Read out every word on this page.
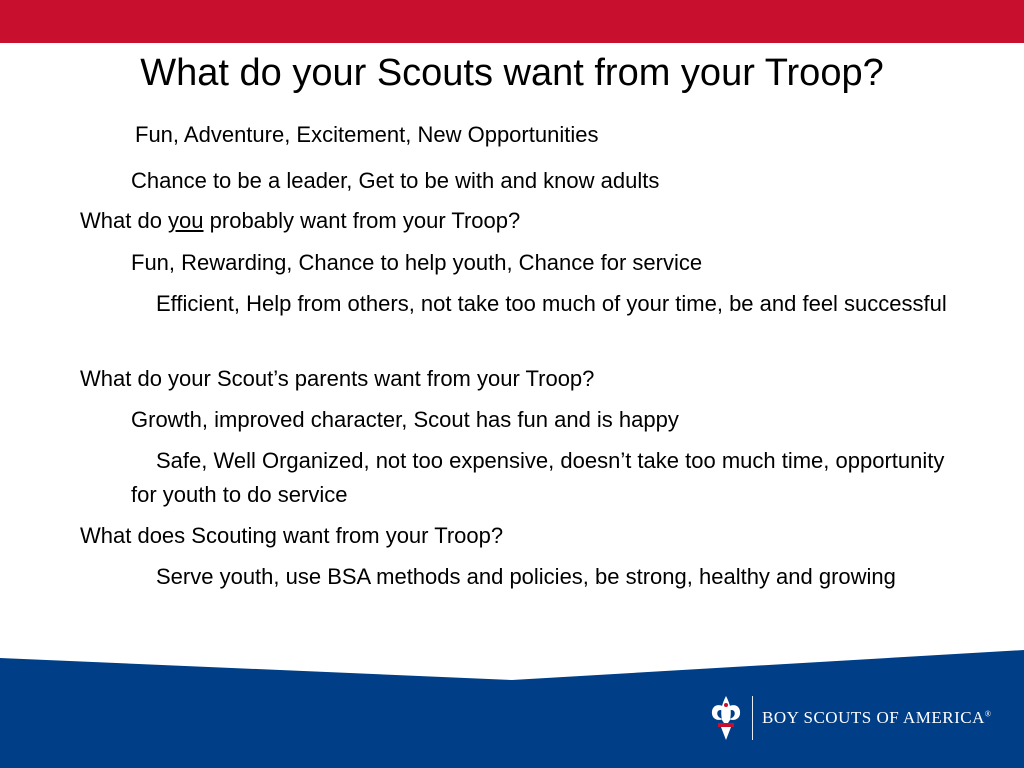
What do your Scouts want from your Troop?
Fun, Adventure, Excitement, New Opportunities
Chance to be a leader, Get to be with and know adults
What do you probably want from your Troop?
Fun, Rewarding, Chance to help youth, Chance for service
Efficient, Help from others, not take too much of your time, be and feel successful
What do your Scout’s parents want from your Troop?
Growth, improved character, Scout has fun and is happy
Safe, Well Organized, not too expensive, doesn’t take too much time, opportunity for youth to do service
What does Scouting want from your Troop?
Serve youth, use BSA methods and policies, be strong, healthy and growing
BOY SCOUTS OF AMERICA®
